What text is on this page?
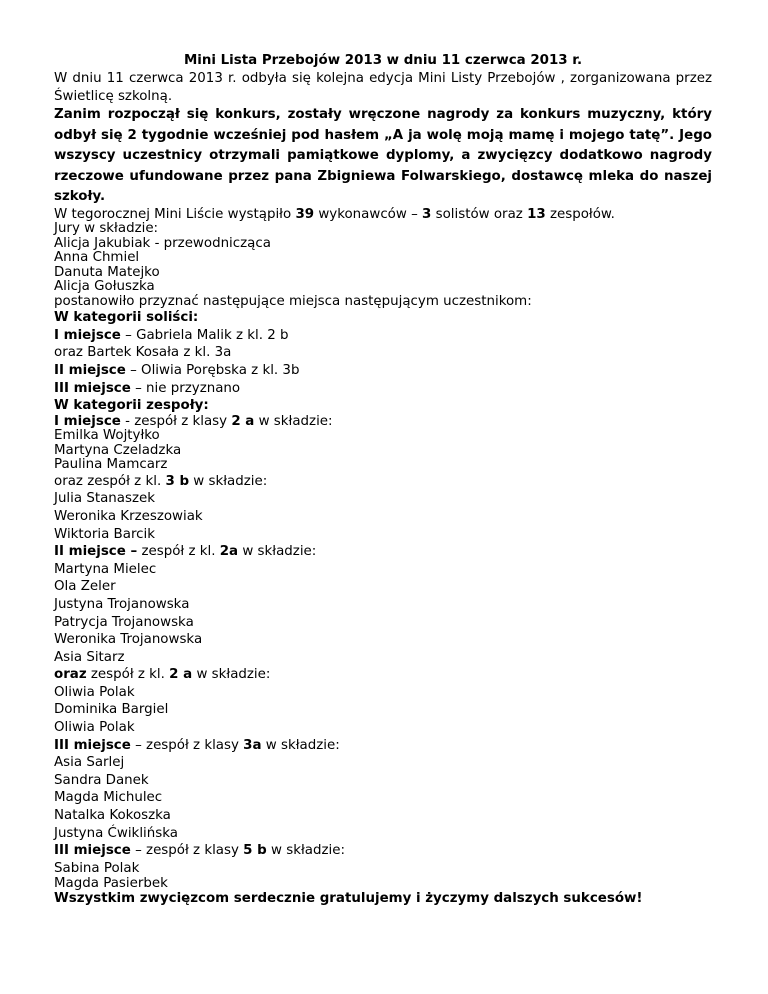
Mini Lista Przebojów 2013 w dniu 11 czerwca 2013 r.

W dniu 11 czerwca 2013 r. odbyła się kolejna edycja Mini Listy Przebojów , zorganizowana przez Świetlicę szkolną.

Zanim rozpoczął się konkurs, zostały wręczone nagrody za konkurs muzyczny, który odbył się 2 tygodnie wcześniej pod hasłem „A ja wolę moją mamę i mojego tatę”. Jego wszyscy uczestnicy otrzymali pamiątkowe dyplomy, a zwycięzcy dodatkowo nagrody rzeczowe ufundowane przez pana Zbigniewa Folwarskiego, dostawcę mleka do naszej szkoły.

W tegorocznej Mini Liście wystąpiło 39 wykonawców – 3 solistów oraz 13 zespołów.

Jury w składzie:

Alicja Jakubiak - przewodnicząca

Anna Chmiel

Danuta Matejko

Alicja Gołuszka

postanowiło przyznać następujące miejsca następującym uczestnikom:

W kategorii soliści:

I miejsce – Gabriela Malik z kl. 2 b

oraz Bartek Kosała z kl. 3a

II miejsce – Oliwia Porębska z kl. 3b

III miejsce – nie przyznano

W kategorii zespoły:

I miejsce - zespół z klasy 2 a w składzie:

Emilka Wojtyłko

Martyna Czeladzka

Paulina Mamcarz

oraz zespół z kl. 3 b w składzie:

Julia Stanaszek

Weronika Krzeszowiak

Wiktoria Barcik

II miejsce – zespół z kl. 2a w składzie:

Martyna Mielec

Ola Zeler

Justyna Trojanowska

Patrycja Trojanowska

Weronika Trojanowska

Asia Sitarz

oraz zespół z kl. 2 a w składzie:

Oliwia Polak

Dominika Bargiel

Oliwia Polak

III miejsce – zespół z klasy 3a w składzie:

Asia Sarlej

Sandra Danek

Magda Michulec

Natalka Kokoszka

Justyna Ćwiklińska

III miejsce – zespół z klasy 5 b w składzie:

Sabina Polak

Magda Pasierbek

Wszystkim zwycięzcom serdecznie gratulujemy i życzymy dalszych sukcesów!
